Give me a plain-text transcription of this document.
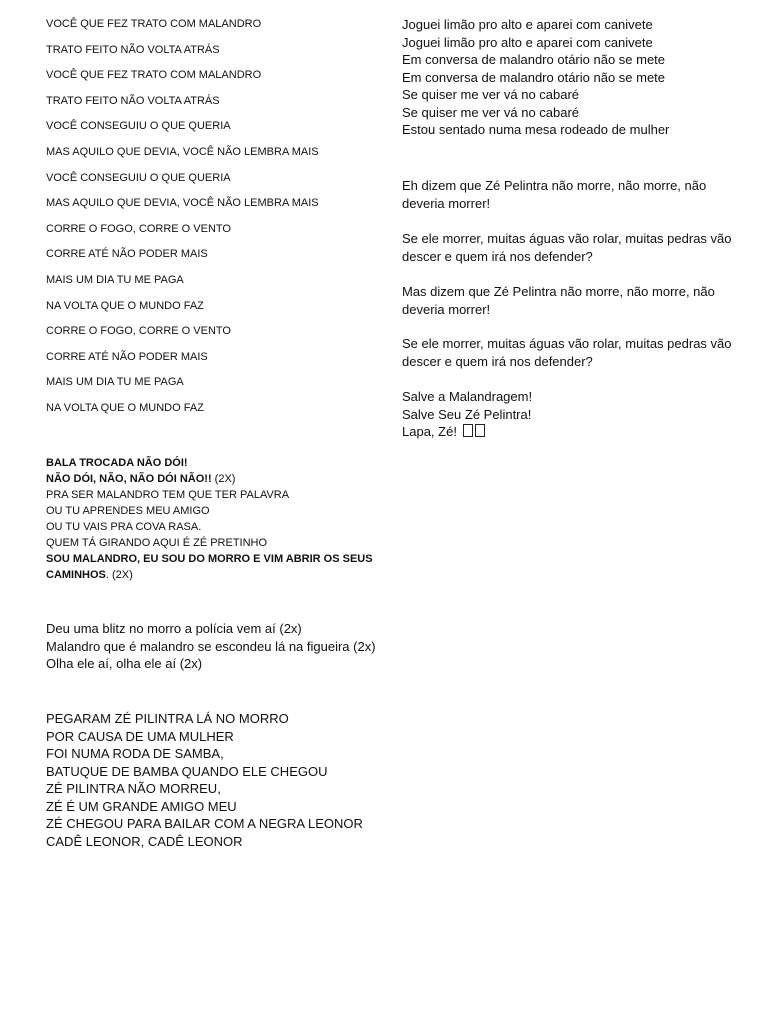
VOCÊ QUE FEZ TRATO COM MALANDRO
TRATO FEITO NÃO VOLTA ATRÁS
VOCÊ QUE FEZ TRATO COM MALANDRO
TRATO FEITO NÃO VOLTA ATRÁS
VOCÊ CONSEGUIU O QUE QUERIA
MAS AQUILO QUE DEVIA, VOCÊ NÃO LEMBRA MAIS
VOCÊ CONSEGUIU O QUE QUERIA
MAS AQUILO QUE DEVIA, VOCÊ NÃO LEMBRA MAIS
CORRE O FOGO, CORRE O VENTO
CORRE ATÉ NÃO PODER MAIS
MAIS UM DIA TU ME PAGA
NA VOLTA QUE O MUNDO FAZ
CORRE O FOGO, CORRE O VENTO
CORRE ATÉ NÃO PODER MAIS
MAIS UM DIA TU ME PAGA
NA VOLTA QUE O MUNDO FAZ
BALA TROCADA NÃO DÓI!
NÃO DÓI, NÃO, NÃO DÓI NÃO!! (2X)
PRA SER MALANDRO TEM QUE TER PALAVRA
OU TU APRENDES MEU AMIGO
OU TU VAIS PRA COVA RASA.
QUEM TÁ GIRANDO AQUI É ZÉ PRETINHO
SOU MALANDRO, EU SOU DO MORRO E VIM ABRIR OS SEUS CAMINHOS. (2X)
Deu uma blitz no morro a polícia vem aí (2x)
Malandro que é malandro se escondeu lá na figueira (2x)
Olha ele aí, olha ele aí (2x)
PEGARAM ZÉ PILINTRA LÁ NO MORRO
POR CAUSA DE UMA MULHER
FOI NUMA RODA DE SAMBA,
BATUQUE DE BAMBA QUANDO ELE CHEGOU
ZÉ PILINTRA NÃO MORREU,
ZÉ É UM GRANDE AMIGO MEU
ZÉ CHEGOU PARA BAILAR COM A NEGRA LEONOR
CADÊ LEONOR, CADÊ LEONOR
Joguei limão pro alto e aparei com canivete
Joguei limão pro alto e aparei com canivete
Em conversa de malandro otário não se mete
Em conversa de malandro otário não se mete
Se quiser me ver vá no cabaré
Se quiser me ver vá no cabaré
Estou sentado numa mesa rodeado de mulher
Eh dizem que Zé Pelintra não morre, não morre, não deveria morrer!
Se ele morrer, muitas águas vão rolar, muitas pedras vão descer e quem irá nos defender?
Mas dizem que Zé Pelintra não morre, não morre, não deveria morrer!
Se ele morrer, muitas águas vão rolar, muitas pedras vão descer e quem irá nos defender?
Salve a Malandragem!
Salve Seu Zé Pelintra!
Lapa, Zé!
